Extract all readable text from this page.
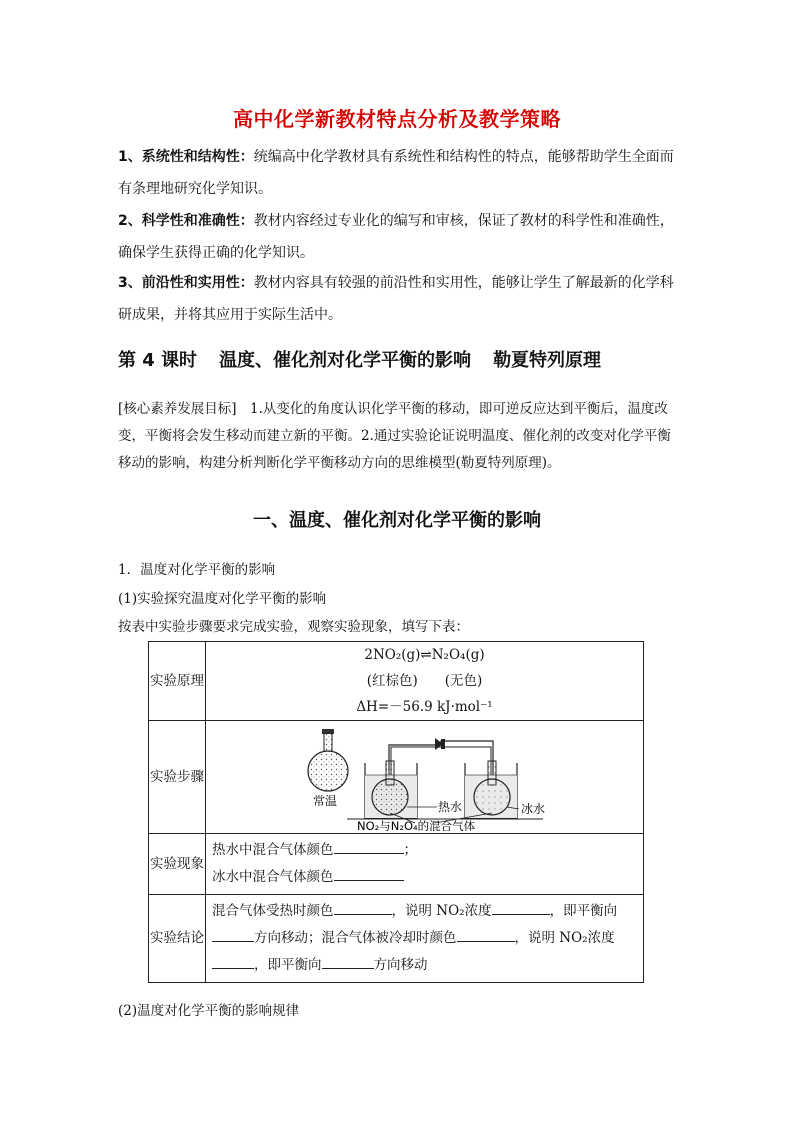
高中化学新教材特点分析及教学策略
1、系统性和结构性：统编高中化学教材具有系统性和结构性的特点，能够帮助学生全面而有条理地研究化学知识。
2、科学性和准确性：教材内容经过专业化的编写和审核，保证了教材的科学性和准确性，确保学生获得正确的化学知识。
3、前沿性和实用性：教材内容具有较强的前沿性和实用性，能够让学生了解最新的化学科研成果，并将其应用于实际生活中。
第 4 课时 温度、催化剂对化学平衡的影响 勒夏特列原理
[核心素养发展目标]　 1.从变化的角度认识化学平衡的移动，即可逆反应达到平衡后，温度改变，平衡将会发生移动而建立新的平衡。2.通过实验论证说明温度、催化剂的改变对化学平衡移动的影响，构建分析判断化学平衡移动方向的思维模型(勒夏特列原理)。
一、温度、催化剂对化学平衡的影响
1．温度对化学平衡的影响
(1)实验探究温度对化学平衡的影响
按表中实验步骤要求完成实验，观察实验现象，填写下表：
实验原理	2NO₂(g)⇌N₂O₄(g)
(红棕色)　　(无色)
ΔH=－56.9 kJ·mol⁻¹

实验步骤	常温 热水 冰水
NO₂与N₂O₄的混合气体

实验现象	热水中混合气体颜色 ；
冰水中混合气体颜色

实验结论	混合气体受热时颜色 ，说明 NO₂浓度 ，即平衡向方向移动；混合气体被冷却时颜色 ，说明 NO₂浓度，即平衡向 方向移动
(2)温度对化学平衡的影响规律
